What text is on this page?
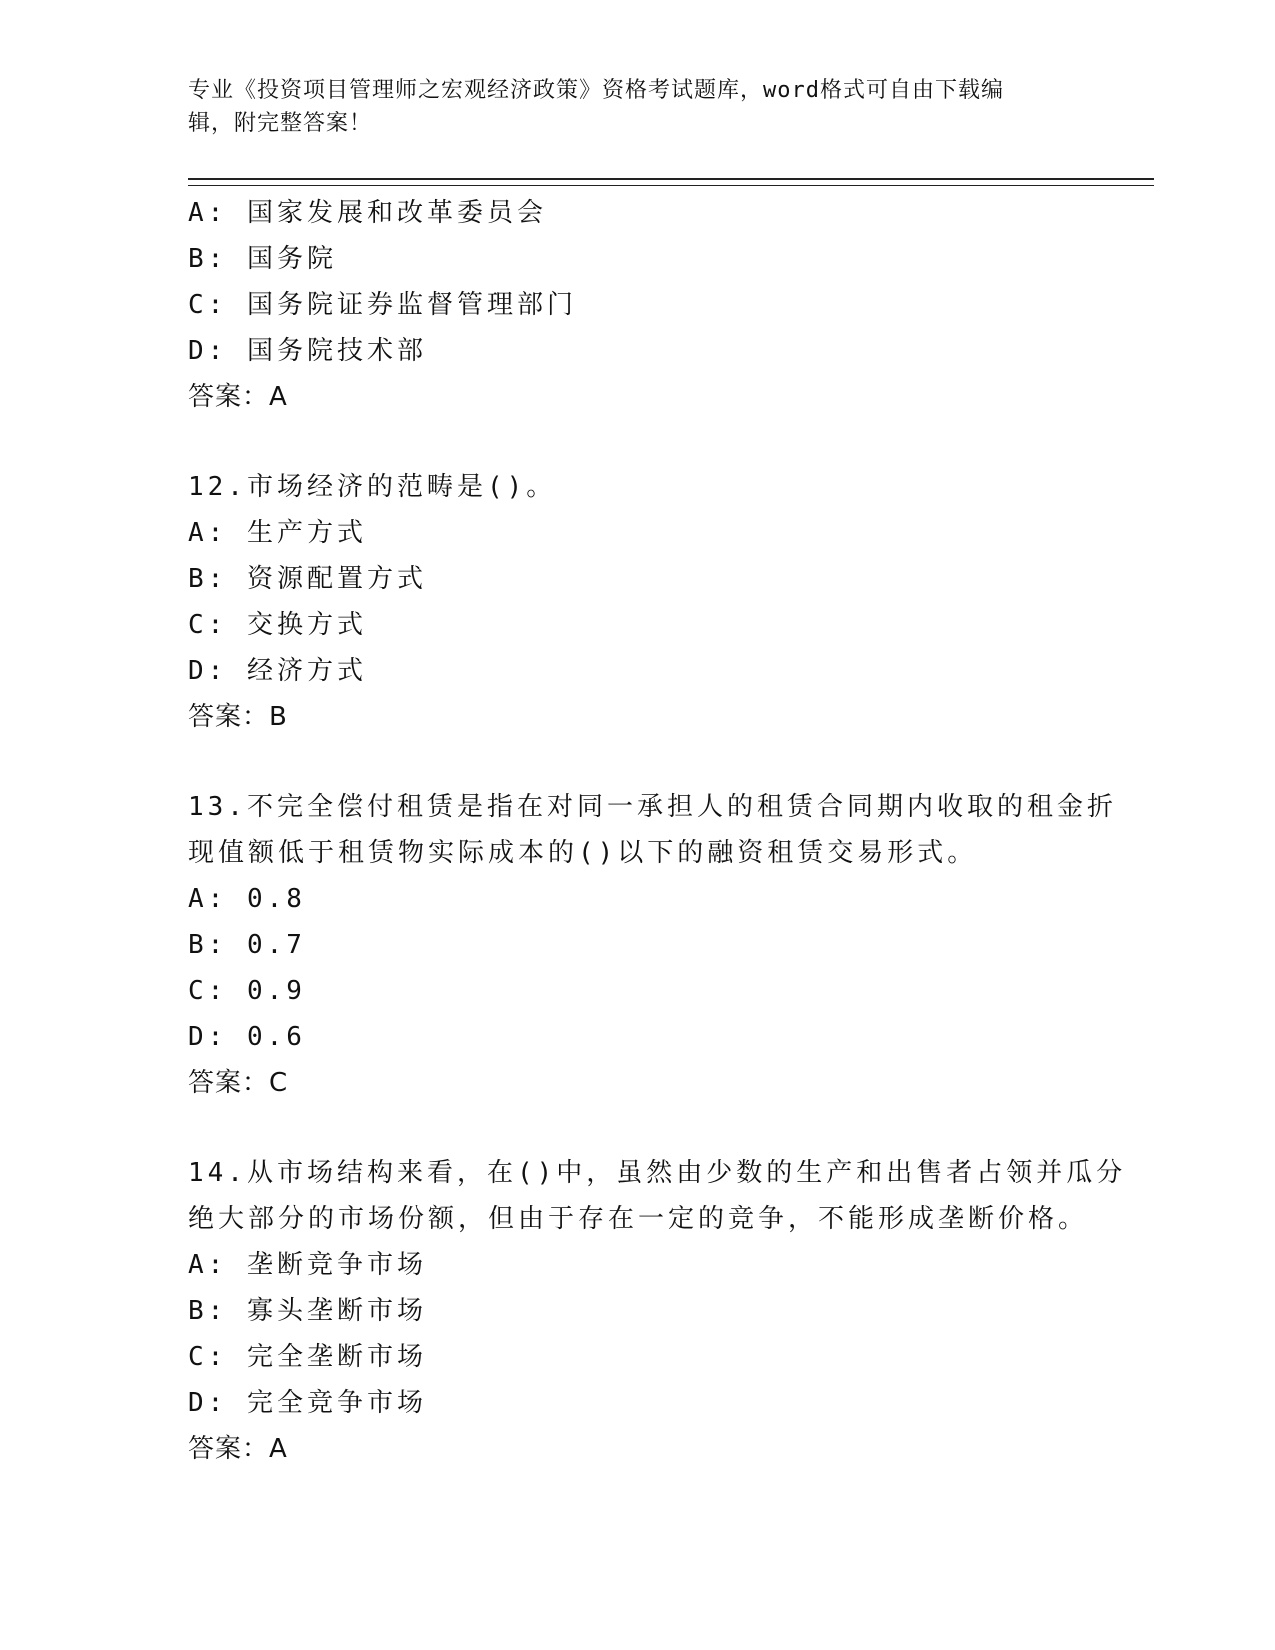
专业《投资项目管理师之宏观经济政策》资格考试题库，word格式可自由下载编
辑，附完整答案！
A: 国家发展和改革委员会
B: 国务院
C: 国务院证券监督管理部门
D: 国务院技术部
答案：A
12.市场经济的范畴是()。
A: 生产方式
B: 资源配置方式
C: 交换方式
D: 经济方式
答案：B
13.不完全偿付租赁是指在对同一承担人的租赁合同期内收取的租金折
现值额低于租赁物实际成本的()以下的融资租赁交易形式。
A: 0.8
B: 0.7
C: 0.9
D: 0.6
答案：C
14.从市场结构来看，在()中，虽然由少数的生产和出售者占领并瓜分
绝大部分的市场份额，但由于存在一定的竞争，不能形成垄断价格。
A: 垄断竞争市场
B: 寡头垄断市场
C: 完全垄断市场
D: 完全竞争市场
答案：A
